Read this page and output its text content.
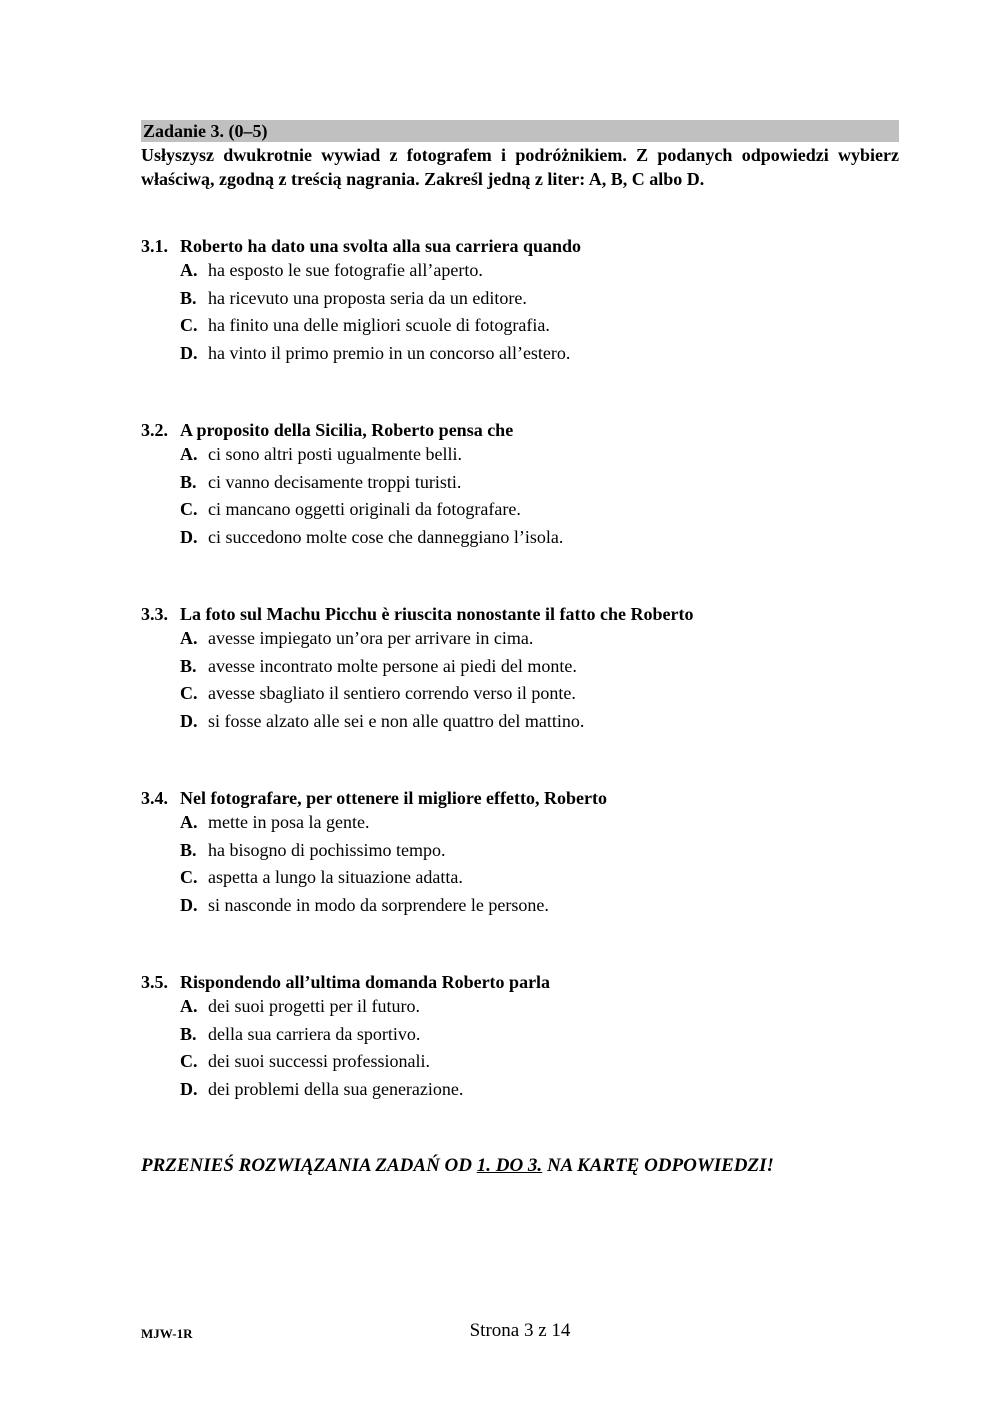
Zadanie 3. (0–5)
Usłyszysz dwukrotnie wywiad z fotografem i podróżnikiem. Z podanych odpowiedzi wybierz właściwą, zgodną z treścią nagrania. Zakreśl jedną z liter: A, B, C albo D.
3.1. Roberto ha dato una svolta alla sua carriera quando
A. ha esposto le sue fotografie all’aperto.
B. ha ricevuto una proposta seria da un editore.
C. ha finito una delle migliori scuole di fotografia.
D. ha vinto il primo premio in un concorso all’estero.
3.2. A proposito della Sicilia, Roberto pensa che
A. ci sono altri posti ugualmente belli.
B. ci vanno decisamente troppi turisti.
C. ci mancano oggetti originali da fotografare.
D. ci succedono molte cose che danneggiano l’isola.
3.3. La foto sul Machu Picchu è riuscita nonostante il fatto che Roberto
A. avesse impiegato un’ora per arrivare in cima.
B. avesse incontrato molte persone ai piedi del monte.
C. avesse sbagliato il sentiero correndo verso il ponte.
D. si fosse alzato alle sei e non alle quattro del mattino.
3.4. Nel fotografare, per ottenere il migliore effetto, Roberto
A. mette in posa la gente.
B. ha bisogno di pochissimo tempo.
C. aspetta a lungo la situazione adatta.
D. si nasconde in modo da sorprendere le persone.
3.5. Rispondendo all’ultima domanda Roberto parla
A. dei suoi progetti per il futuro.
B. della sua carriera da sportivo.
C. dei suoi successi professionali.
D. dei problemi della sua generazione.
PRZENIEŚ ROZWIĄZANIA ZADAŃ OD 1. DO 3. NA KARTĘ ODPOWIEDZI!
MJW-1R	Strona 3 z 14
